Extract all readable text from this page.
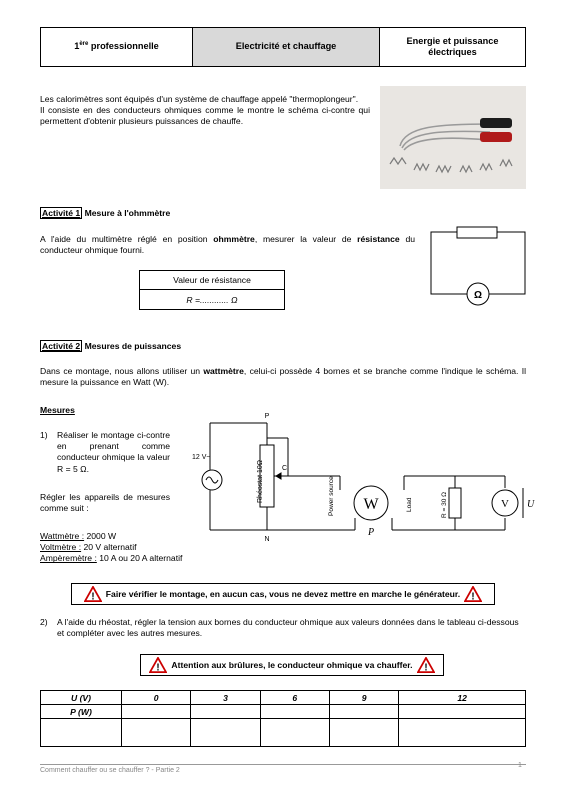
1ère professionnelle	Electricité et chauffage
Energie et puissance électriques

Les calorimètres sont équipés d'un système de chauffage appelé "thermoplongeur".

Il consiste en des conducteurs ohmiques comme le montre le schéma ci-contre qui permettent d'obtenir plusieurs puissances de chauffe.

Activité 1 Mesure à l'ohmmètre

A l'aide du multimètre réglé en position ohmmètre, mesurer la valeur de résistance du conducteur ohmique fourni.

Valeur de résistance
R =............ Ω	Ω
Activité 2 Mesures de puissances

Dans ce montage, nous allons utiliser un wattmètre, celui-ci possède 4 bornes et se branche comme l'indique le schéma. Il mesure la puissance en Watt (W).

Mesures
1) Réaliser le montage ci-contre en prenant comme conducteur ohmique la valeur R = 5 Ω.

Régler les appareils de mesures comme suit :

Wattmètre : 2000 W

Voltmètre : 20 V alternatif

Ampèremètre : 10 A ou 20 A alternatif

P
12 V~
Rhéostat 10Ω	C
N
Power source W	Load
P
R = 30 Ω	V U
! Faire vérifier le montage, en aucun cas, vous ne devez mettre en marche le générateur. !
2) A l'aide du rhéostat, régler la tension aux bornes du conducteur ohmique aux valeurs données dans le tableau ci-dessous et compléter avec les autres mesures.

! Attention aux brûlures, le conducteur ohmique va chauffer. !
U (V)	0	3	6	9	12
P (W)					

Comment chauffer ou se chauffer ? - Partie 2
1
